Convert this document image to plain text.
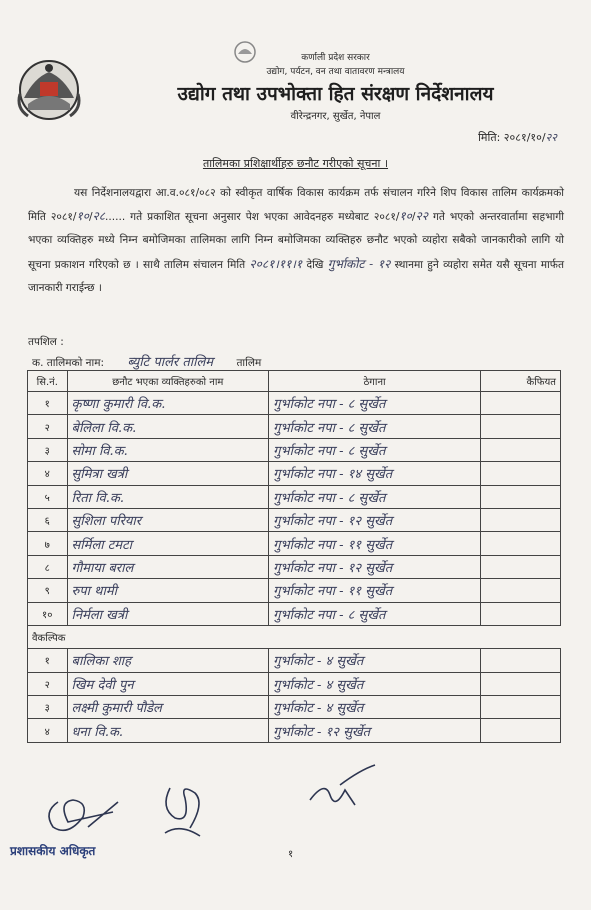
कर्णाली प्रदेश सरकार
उद्योग, पर्यटन, वन तथा वातावरण मन्त्रालय
उद्योग तथा उपभोक्ता हित संरक्षण निर्देशनालय
वीरेन्द्रनगर, सुर्खेत, नेपाल
मिति: २०८१/१०/२२
तालिमका प्रशिक्षार्थीहरु छनौट गरीएको सूचना ।
यस निर्देशनालयद्वारा आ.व.०८१/०८२ को स्वीकृत वार्षिक विकास कार्यक्रम तर्फ संचालन गरिने शिप विकास तालिम कार्यक्रमको मिति २०८१/१०/२८...... गते प्रकाशित सूचना अनुसार पेश भएका आवेदनहरु मध्येबाट २०८१/१०/२२ गते भएको अन्तरवार्तामा सहभागी भएका व्यक्तिहरु मध्ये निम्न बमोजिमका तालिमका लागि निम्न बमोजिमका व्यक्तिहरु छनौट भएको व्यहोरा सबैको जानकारीको लागि यो सूचना प्रकाशन गरिएको छ । साथै तालिम संचालन मिति २०८१।११।१ देखि गुर्भाकोट - १२ स्थानमा हुने व्यहोरा समेत यसै सूचना मार्फत जानकारी गराईन्छ ।
तपशिल :
क. तालिमको नाम: ब्युटि पार्लर तालिम तालिम
सि.नं.	छनौट भएका व्यक्तिहरुको नाम	ठेगाना	कैफियत
१	कृष्णा कुमारी वि.क.	गुर्भाकोट नपा - ८ सुर्खेत	
२	बेलिला वि.क.	गुर्भाकोट नपा - ८ सुर्खेत	
३	सोमा वि.क.	गुर्भाकोट नपा - ८ सुर्खेत	
४	सुमित्रा खत्री	गुर्भाकोट नपा - १४ सुर्खेत	
५	रिता वि.क.	गुर्भाकोट नपा - ८ सुर्खेत	
६	सुशिला परियार	गुर्भाकोट नपा - १२ सुर्खेत	
७	सर्मिला टमटा	गुर्भाकोट नपा - ११ सुर्खेत	
८	गौमाया बराल	गुर्भाकोट नपा - १२ सुर्खेत	
९	रुपा थामी	गुर्भाकोट नपा - ११ सुर्खेत	
१०	निर्मला खत्री	गुर्भाकोट नपा - ८ सुर्खेत	
वैकल्पिक			
१	बालिका शाह	गुर्भाकोट - ४ सुर्खेत	
२	खिम देवी पुन	गुर्भाकोट - ४ सुर्खेत	
३	लक्ष्मी कुमारी पौडेल	गुर्भाकोट - ४ सुर्खेत	
४	धना वि.क.	गुर्भाकोट - १२ सुर्खेत	
प्रशासकीय अधिकृत	१
